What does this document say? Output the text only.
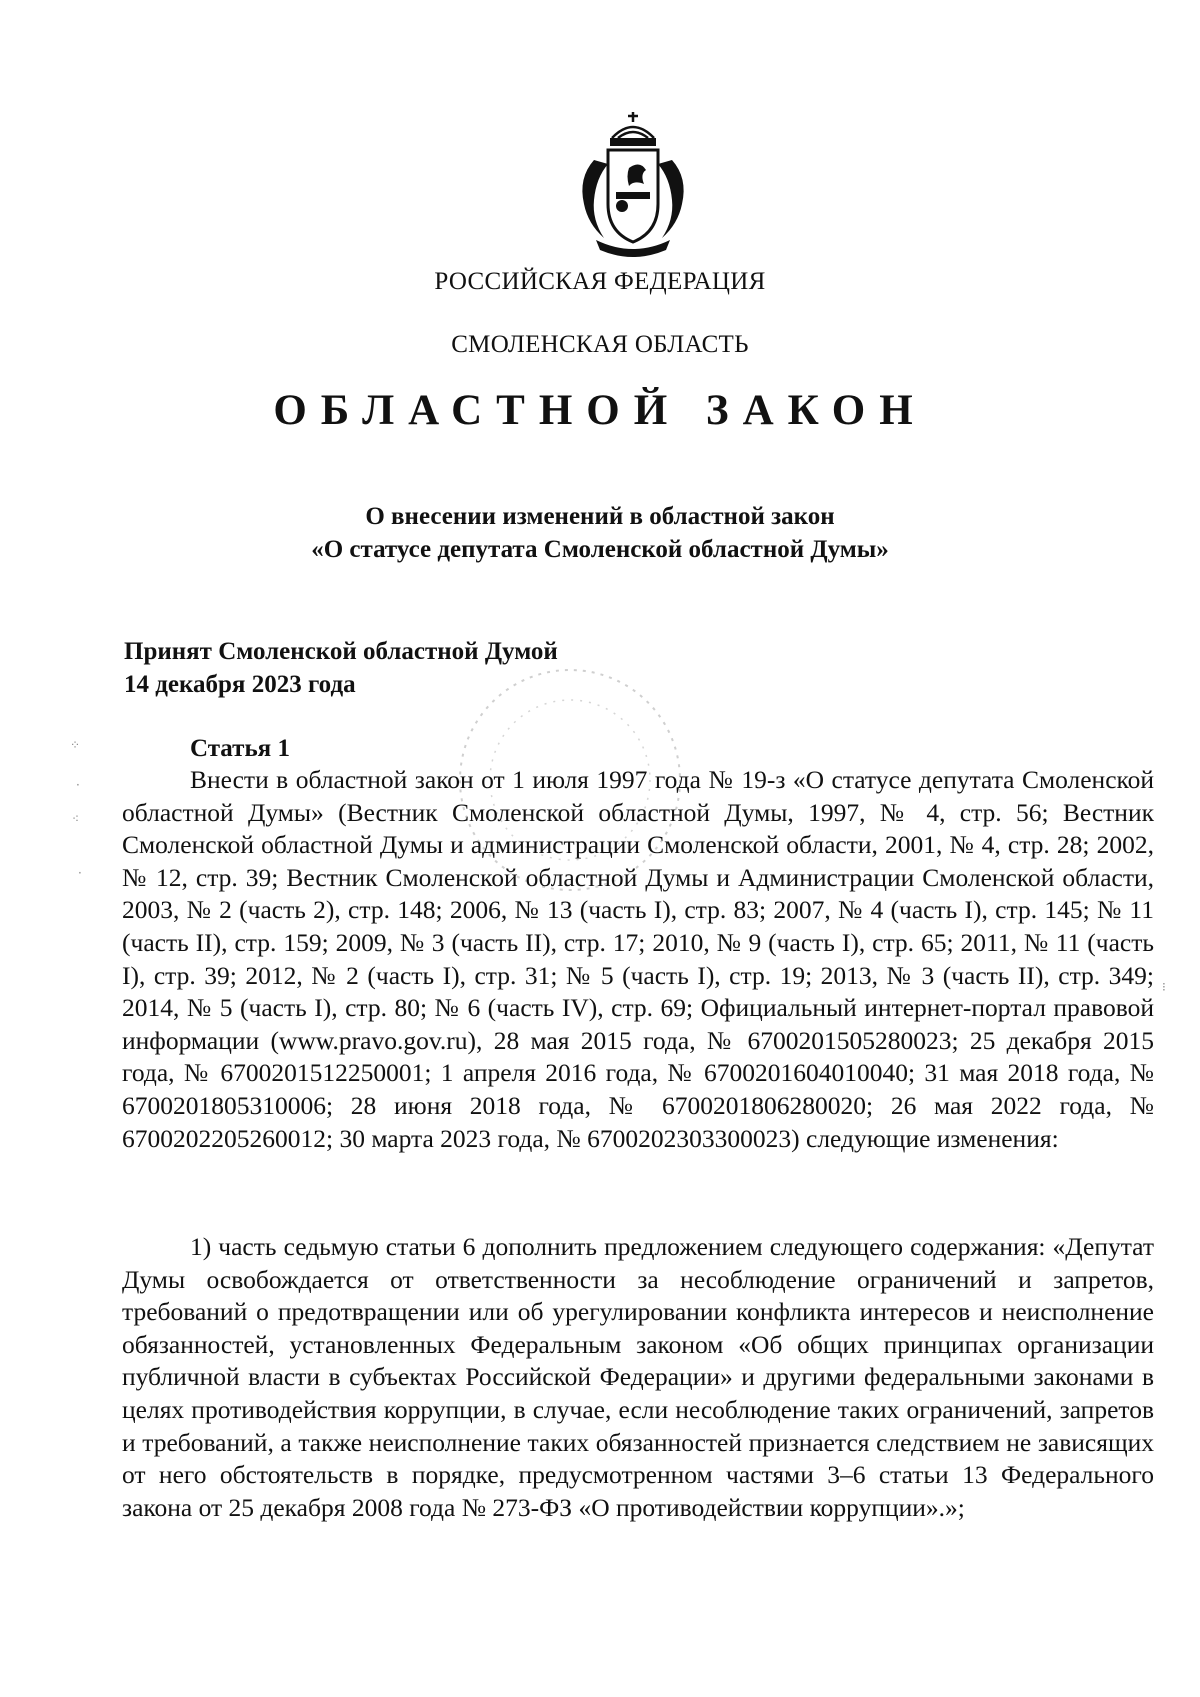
РОССИЙСКАЯ ФЕДЕРАЦИЯ
СМОЛЕНСКАЯ ОБЛАСТЬ
ОБЛАСТНОЙ ЗАКОН
О внесении изменений в областной закон
«О статусе депутата Смоленской областной Думы»
Принят Смоленской областной Думой
14 декабря 2023 года
Статья 1
Внести в областной закон от 1 июля 1997 года № 19-з «О статусе депутата Смоленской областной Думы» (Вестник Смоленской областной Думы, 1997, № 4, стр. 56; Вестник Смоленской областной Думы и администрации Смоленской области, 2001, № 4, стр. 28; 2002, № 12, стр. 39; Вестник Смоленской областной Думы и Администрации Смоленской области, 2003, № 2 (часть 2), стр. 148; 2006, № 13 (часть I), стр. 83; 2007, № 4 (часть I), стр. 145; № 11 (часть II), стр. 159; 2009, № 3 (часть II), стр. 17; 2010, № 9 (часть I), стр. 65; 2011, № 11 (часть I), стр. 39; 2012, № 2 (часть I), стр. 31; № 5 (часть I), стр. 19; 2013, № 3 (часть II), стр. 349; 2014, № 5 (часть I), стр. 80; № 6 (часть IV), стр. 69; Официальный интернет-портал правовой информации (www.pravo.gov.ru), 28 мая 2015 года, № 6700201505280023; 25 декабря 2015 года, № 6700201512250001; 1 апреля 2016 года, № 6700201604010040; 31 мая 2018 года, № 6700201805310006; 28 июня 2018 года, № 6700201806280020; 26 мая 2022 года, № 6700202205260012; 30 марта 2023 года, № 6700202303300023) следующие изменения:
1) часть седьмую статьи 6 дополнить предложением следующего содержания: «Депутат Думы освобождается от ответственности за несоблюдение ограничений и запретов, требований о предотвращении или об урегулировании конфликта интересов и неисполнение обязанностей, установленных Федеральным законом «Об общих принципах организации публичной власти в субъектах Российской Федерации» и другими федеральными законами в целях противодействия коррупции, в случае, если несоблюдение таких ограничений, запретов и требований, а также неисполнение таких обязанностей признается следствием не зависящих от него обстоятельств в порядке, предусмотренном частями 3–6 статьи 13 Федерального закона от 25 декабря 2008 года № 273-ФЗ «О противодействии коррупции».»;
⁘
·
⁖
·
⁝
